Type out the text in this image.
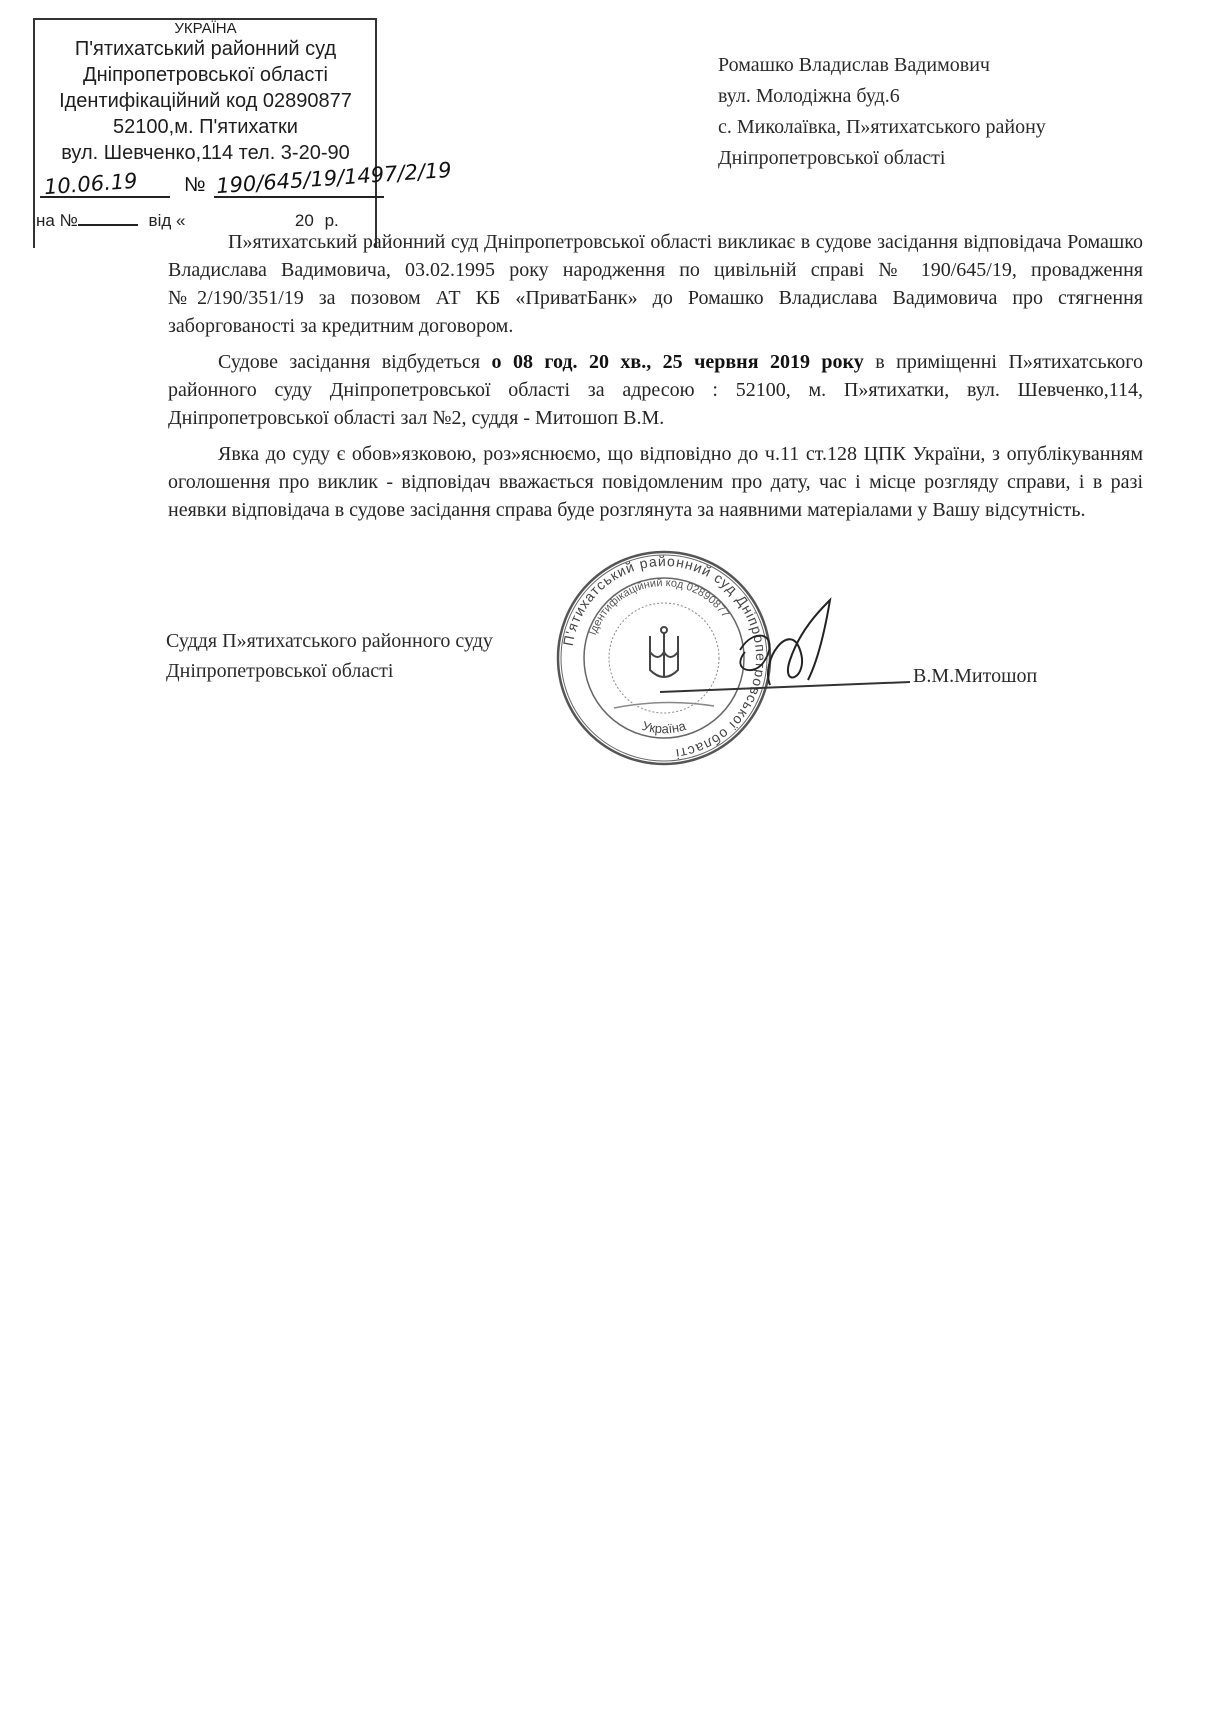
УКРАЇНА
П'ятихатський районний суд
Дніпропетровської області
Ідентифікаційний код 02890877
52100,м. П'ятихатки
вул. Шевченко,114 тел. 3-20-90
10.06.19 № 190/645/19/1497/2/19
на №	від «	20 р.
Ромашко Владислав Вадимович
вул. Молодіжна буд.6
с. Миколаївка, П»ятихатського району
Дніпропетровської області

П»ятихатський районний суд Дніпропетровської області викликає в судове засідання відповідача Ромашко Владислава Вадимовича, 03.02.1995 року народження по цивільній справі № 190/645/19, провадження №2/190/351/19 за позовом АТ КБ «ПриватБанк» до Ромашко Владислава Вадимовича про стягнення заборгованості за кредитним договором.

Судове засідання відбудеться о 08 год. 20 хв., 25 червня 2019 року в приміщенні П»ятихатського районного суду Дніпропетровської області за адресою : 52100, м. П»ятихатки, вул. Шевченко,114, Дніпропетровської області зал №2, суддя - Митошоп В.М.

Явка до суду є обов»язковою, роз»яснюємо, що відповідно до ч.11 ст.128 ЦПК України, з опублікуванням оголошення про виклик - відповідач вважається повідомленим про дату, час і місце розгляду справи, і в разі неявки відповідача в судове засідання справа буде розглянута за наявними матеріалами у Вашу відсутність.

П'ятихатський районний суд Дніпропетровської області
Ідентифікаційний код 02890877
Україна
Суддя П»ятихатського районного суду
Дніпропетровської області	В.М.Митошоп
